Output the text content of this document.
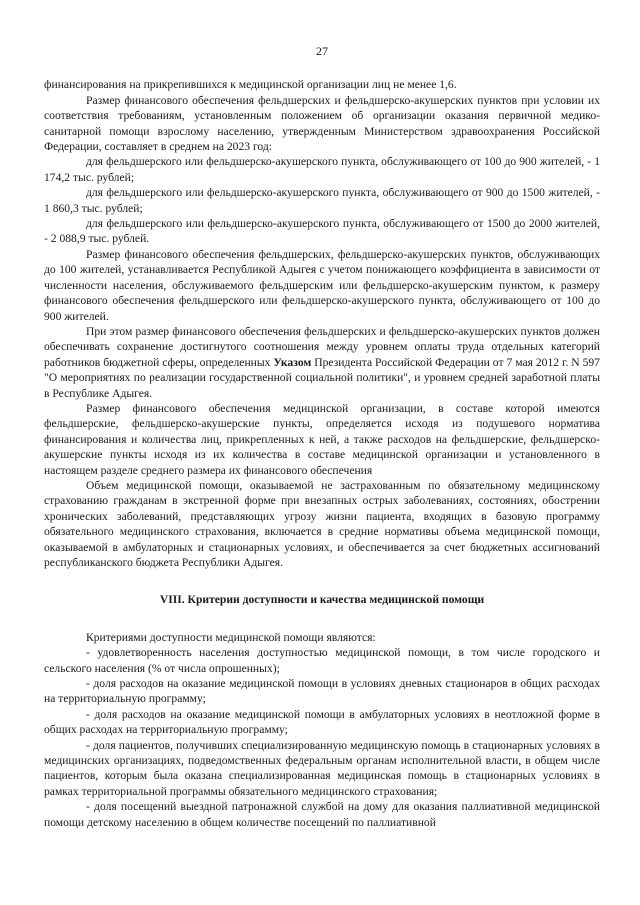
27

финансирования на прикрепившихся к медицинской организации лиц не менее 1,6.

Размер финансового обеспечения фельдшерских и фельдшерско-акушерских пунктов при условии их соответствия требованиям, установленным положением об организации оказания первичной медико-санитарной помощи взрослому населению, утвержденным Министерством здравоохранения Российской Федерации, составляет в среднем на 2023 год:

для фельдшерского или фельдшерско-акушерского пункта, обслуживающего от 100 до 900 жителей, - 1 174,2 тыс. рублей;

для фельдшерского или фельдшерско-акушерского пункта, обслуживающего от 900 до 1500 жителей, - 1 860,3 тыс. рублей;

для фельдшерского или фельдшерско-акушерского пункта, обслуживающего от 1500 до 2000 жителей, - 2 088,9 тыс. рублей.

Размер финансового обеспечения фельдшерских, фельдшерско-акушерских пунктов, обслуживающих до 100 жителей, устанавливается Республикой Адыгея с учетом понижающего коэффициента в зависимости от численности населения, обслуживаемого фельдшерским или фельдшерско-акушерским пунктом, к размеру финансового обеспечения фельдшерского или фельдшерско-акушерского пункта, обслуживающего от 100 до 900 жителей.

При этом размер финансового обеспечения фельдшерских и фельдшерско-акушерских пунктов должен обеспечивать сохранение достигнутого соотношения между уровнем оплаты труда отдельных категорий работников бюджетной сферы, определенных Указом Президента Российской Федерации от 7 мая 2012 г. N 597 "О мероприятиях по реализации государственной социальной политики", и уровнем средней заработной платы в Республике Адыгея.

Размер финансового обеспечения медицинской организации, в составе которой имеются фельдшерские, фельдшерско-акушерские пункты, определяется исходя из подушевого норматива финансирования и количества лиц, прикрепленных к ней, а также расходов на фельдшерские, фельдшерско-акушерские пункты исходя из их количества в составе медицинской организации и установленного в настоящем разделе среднего размера их финансового обеспечения

Объем медицинской помощи, оказываемой не застрахованным по обязательному медицинскому страхованию гражданам в экстренной форме при внезапных острых заболеваниях, состояниях, обострении хронических заболеваний, представляющих угрозу жизни пациента, входящих в базовую программу обязательного медицинского страхования, включается в средние нормативы объема медицинской помощи, оказываемой в амбулаторных и стационарных условиях, и обеспечивается за счет бюджетных ассигнований республиканского бюджета Республики Адыгея.

VIII. Критерии доступности и качества медицинской помощи

Критериями доступности медицинской помощи являются:

- удовлетворенность населения доступностью медицинской помощи, в том числе городского и сельского населения (% от числа опрошенных);

- доля расходов на оказание медицинской помощи в условиях дневных стационаров в общих расходах на территориальную программу;

- доля расходов на оказание медицинской помощи в амбулаторных условиях в неотложной форме в общих расходах на территориальную программу;

- доля пациентов, получивших специализированную медицинскую помощь в стационарных условиях в медицинских организациях, подведомственных федеральным органам исполнительной власти, в общем числе пациентов, которым была оказана специализированная медицинская помощь в стационарных условиях в рамках территориальной программы обязательного медицинского страхования;

- доля посещений выездной патронажной службой на дому для оказания паллиативной медицинской помощи детскому населению в общем количестве посещений по паллиативной
